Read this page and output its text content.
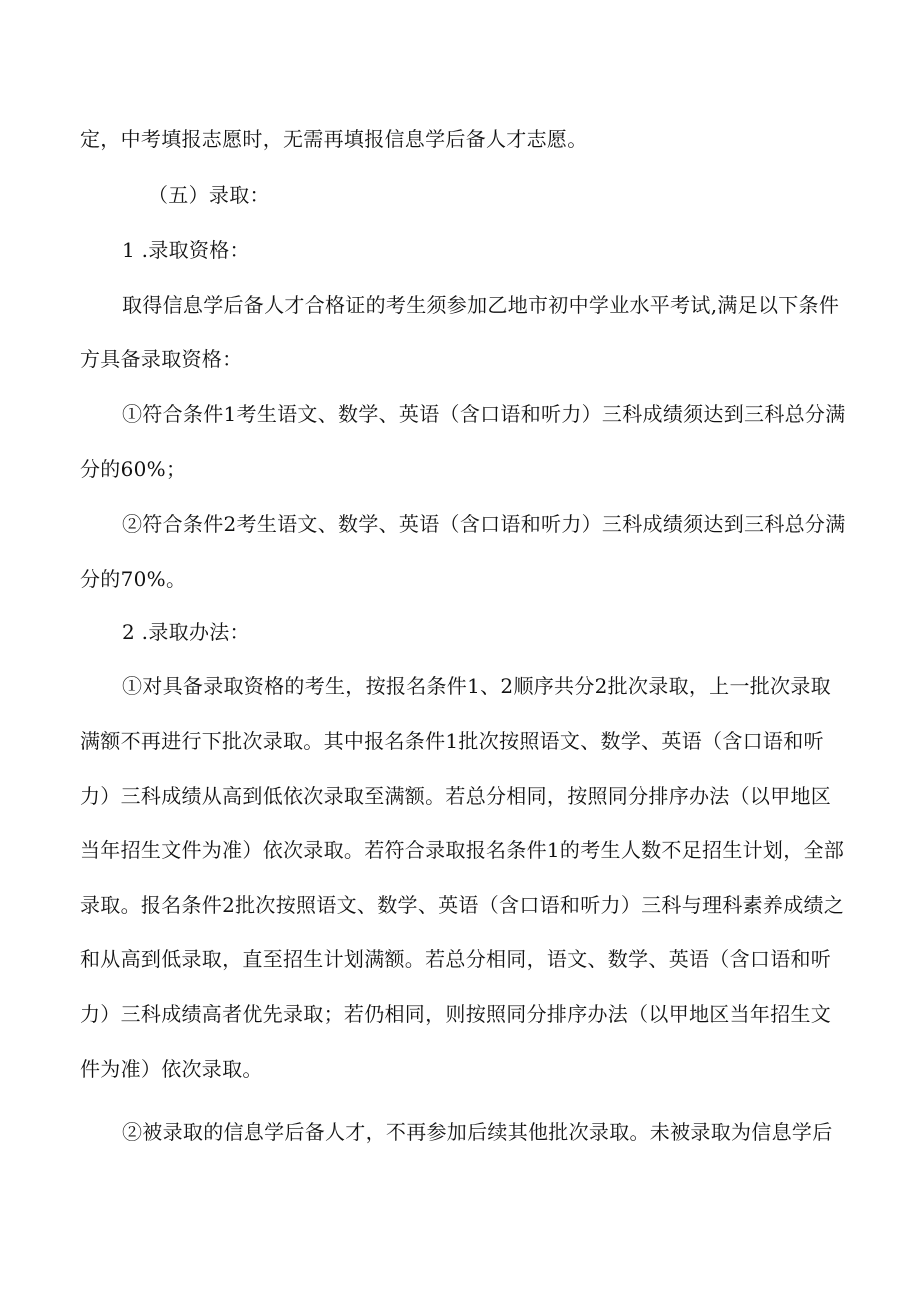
定，中考填报志愿时，无需再填报信息学后备人才志愿。
（五）录取：
1 .录取资格：
取得信息学后备人才合格证的考生须参加乙地市初中学业水平考试,满足以下条件
方具备录取资格：
①符合条件1考生语文、数学、英语（含口语和听力）三科成绩须达到三科总分满
分的60%；
②符合条件2考生语文、数学、英语（含口语和听力）三科成绩须达到三科总分满
分的70%。
2 .录取办法：
①对具备录取资格的考生，按报名条件1、2顺序共分2批次录取，上一批次录取
满额不再进行下批次录取。其中报名条件1批次按照语文、数学、英语（含口语和听
力）三科成绩从高到低依次录取至满额。若总分相同，按照同分排序办法（以甲地区
当年招生文件为准）依次录取。若符合录取报名条件1的考生人数不足招生计划，全部
录取。报名条件2批次按照语文、数学、英语（含口语和听力）三科与理科素养成绩之
和从高到低录取，直至招生计划满额。若总分相同，语文、数学、英语（含口语和听
力）三科成绩高者优先录取；若仍相同，则按照同分排序办法（以甲地区当年招生文
件为准）依次录取。
②被录取的信息学后备人才，不再参加后续其他批次录取。未被录取为信息学后
